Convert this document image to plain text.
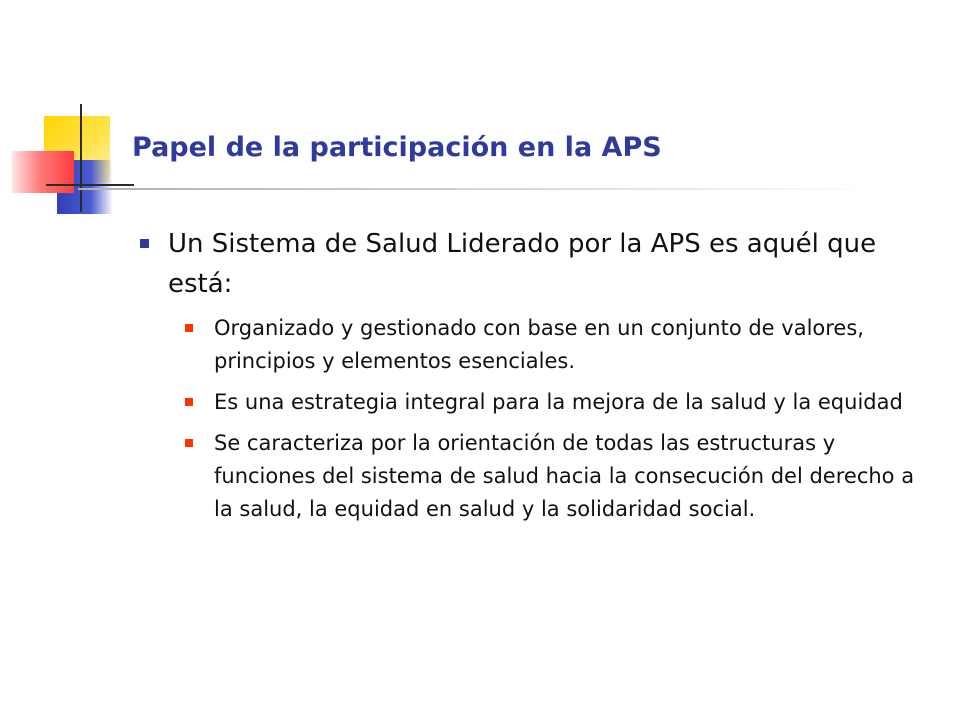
Papel de la participación en la APS
Un Sistema de Salud Liderado por la APS es aquél que está:
Organizado y gestionado con base en un conjunto de valores, principios y elementos esenciales.
Es una estrategia integral para la mejora de la salud y la equidad
Se caracteriza por la orientación de todas las estructuras y funciones del sistema de salud hacia la consecución del derecho a la salud, la equidad en salud y la solidaridad social.
